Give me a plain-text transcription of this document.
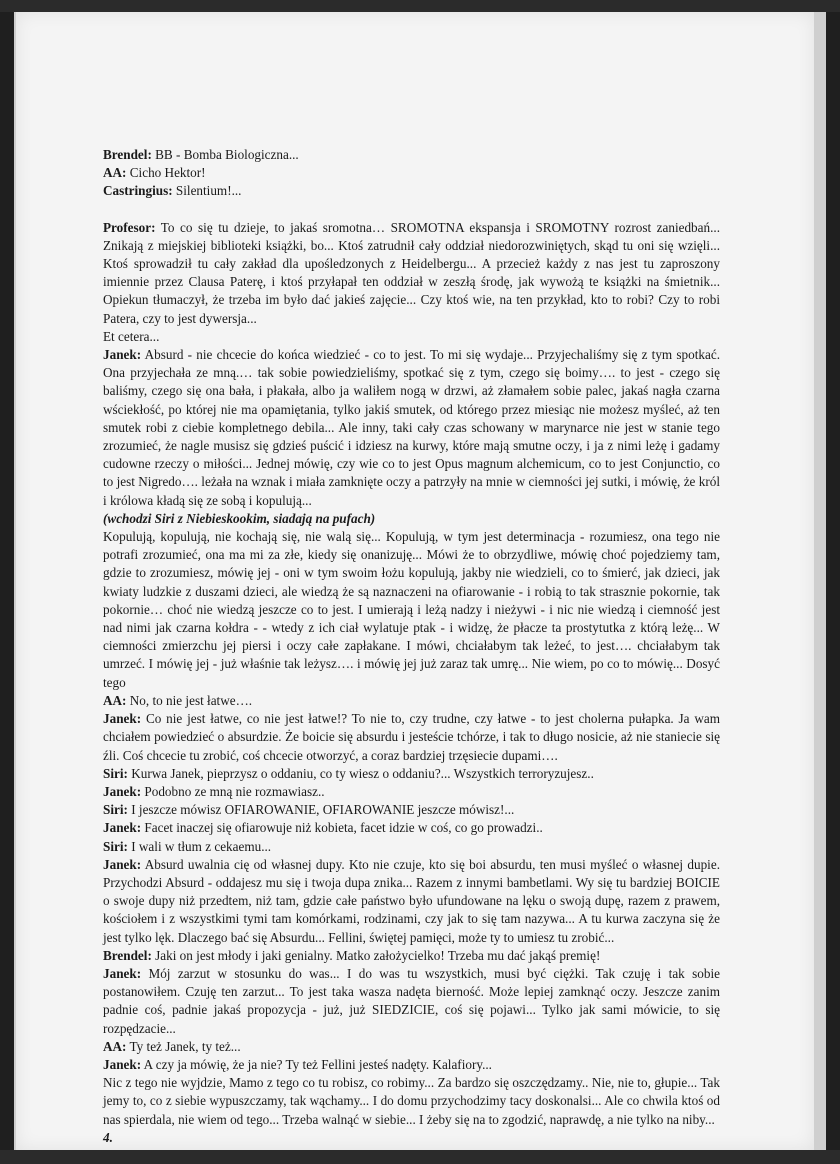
Brendel: BB - Bomba Biologiczna...

AA: Cicho Hektor!

Castringius: Silentium!...

Profesor: To co się tu dzieje, to jakaś sromotna… SROMOTNA ekspansja i SROMOTNY rozrost zaniedbań... Znikają z miejskiej biblioteki książki, bo... Ktoś zatrudnił cały oddział niedorozwiniętych, skąd tu oni się wzięli... Ktoś sprowadził tu cały zakład dla upośledzonych z Heidelbergu... A przecież każdy z nas jest tu zaproszony imiennie przez Clausa Paterę, i ktoś przyłapał ten oddział w zeszłą środę, jak wywożą te książki na śmietnik... Opiekun tłumaczył, że trzeba im było dać jakieś zajęcie... Czy ktoś wie, na ten przykład, kto to robi? Czy to robi Patera, czy to jest dywersja...

Et cetera...

Janek: Absurd - nie chcecie do końca wiedzieć - co to jest. To mi się wydaje... Przyjechaliśmy się z tym spotkać. Ona przyjechała ze mną.… tak sobie powiedzieliśmy, spotkać się z tym, czego się boimy…. to jest - czego się baliśmy, czego się ona bała, i płakała, albo ja waliłem nogą w drzwi, aż złamałem sobie palec, jakaś nagła czarna wściekłość, po której nie ma opamiętania, tylko jakiś smutek, od którego przez miesiąc nie możesz myśleć, aż ten smutek robi z ciebie kompletnego debila... Ale inny, taki cały czas schowany w marynarce nie jest w stanie tego zrozumieć, że nagle musisz się gdzieś puścić i idziesz na kurwy, które mają smutne oczy, i ja z nimi leżę i gadamy cudowne rzeczy o miłości... Jednej mówię, czy wie co to jest Opus magnum alchemicum, co to jest Conjunctio, co to jest Nigredo…. leżała na wznak i miała zamknięte oczy a patrzyły na mnie w ciemności jej sutki, i mówię, że król i królowa kładą się ze sobą i kopulują...

(wchodzi Siri z Niebieskookim, siadają na pufach)

Kopulują, kopulują, nie kochają się, nie walą się... Kopulują, w tym jest determinacja - rozumiesz, ona tego nie potrafi zrozumieć, ona ma mi za złe, kiedy się onanizuję... Mówi że to obrzydliwe, mówię choć pojedziemy tam, gdzie to zrozumiesz, mówię jej - oni w tym swoim łożu kopulują, jakby nie wiedzieli, co to śmierć, jak dzieci, jak kwiaty ludzkie z duszami dzieci, ale wiedzą że są naznaczeni na ofiarowanie - i robią to tak strasznie pokornie, tak pokornie… choć nie wiedzą jeszcze co to jest. I umierają i leżą nadzy i nieżywi - i nic nie wiedzą i ciemność jest nad nimi jak czarna kołdra - - wtedy z ich ciał wylatuje ptak - i widzę, że płacze ta prostytutka z którą leżę... W ciemności zmierzchu jej piersi i oczy całe zapłakane. I mówi, chciałabym tak leżeć, to jest…. chciałabym tak umrzeć. I mówię jej - już właśnie tak leżysz…. i mówię jej już zaraz tak umrę... Nie wiem, po co to mówię... Dosyć tego

AA: No, to nie jest łatwe….

Janek: Co nie jest łatwe, co nie jest łatwe!? To nie to, czy trudne, czy łatwe - to jest cholerna pułapka. Ja wam chciałem powiedzieć o absurdzie. Że boicie się absurdu i jesteście tchórze, i tak to długo nosicie, aż nie staniecie się źli. Coś chcecie tu zrobić, coś chcecie otworzyć, a coraz bardziej trzęsiecie dupami….

Siri: Kurwa Janek, pieprzysz o oddaniu, co ty wiesz o oddaniu?... Wszystkich terroryzujesz..

Janek: Podobno ze mną nie rozmawiasz..

Siri: I jeszcze mówisz OFIAROWANIE, OFIAROWANIE jeszcze mówisz!...

Janek: Facet inaczej się ofiarowuje niż kobieta, facet idzie w coś, co go prowadzi..

Siri: I wali w tłum z cekaemu...

Janek: Absurd uwalnia cię od własnej dupy. Kto nie czuje, kto się boi absurdu, ten musi myśleć o własnej dupie. Przychodzi Absurd - oddajesz mu się i twoja dupa znika... Razem z innymi bambetlami. Wy się tu bardziej BOICIE o swoje dupy niż przedtem, niż tam, gdzie całe państwo było ufundowane na lęku o swoją dupę, razem z prawem, kościołem i z wszystkimi tymi tam komórkami, rodzinami, czy jak to się tam nazywa... A tu kurwa zaczyna się że jest tylko lęk. Dlaczego bać się Absurdu... Fellini, świętej pamięci, może ty to umiesz tu zrobić...

Brendel: Jaki on jest młody i jaki genialny. Matko założycielko! Trzeba mu dać jakąś premię!

Janek: Mój zarzut w stosunku do was... I do was tu wszystkich, musi być ciężki. Tak czuję i tak sobie postanowiłem. Czuję ten zarzut... To jest taka wasza nadęta bierność. Może lepiej zamknąć oczy. Jeszcze zanim padnie coś, padnie jakaś propozycja - już, już SIEDZICIE, coś się pojawi... Tylko jak sami mówicie, to się rozpędzacie...

AA: Ty też Janek, ty też...

Janek: A czy ja mówię, że ja nie? Ty też Fellini jesteś nadęty. Kalafiory...

Nic z tego nie wyjdzie, Mamo z tego co tu robisz, co robimy... Za bardzo się oszczędzamy.. Nie, nie to, głupie... Tak jemy to, co z siebie wypuszczamy, tak wąchamy... I do domu przychodzimy tacy doskonalsi... Ale co chwila ktoś od nas spierdala, nie wiem od tego... Trzeba walnąć w siebie... I żeby się na to zgodzić, naprawdę, a nie tylko na niby...

4.
